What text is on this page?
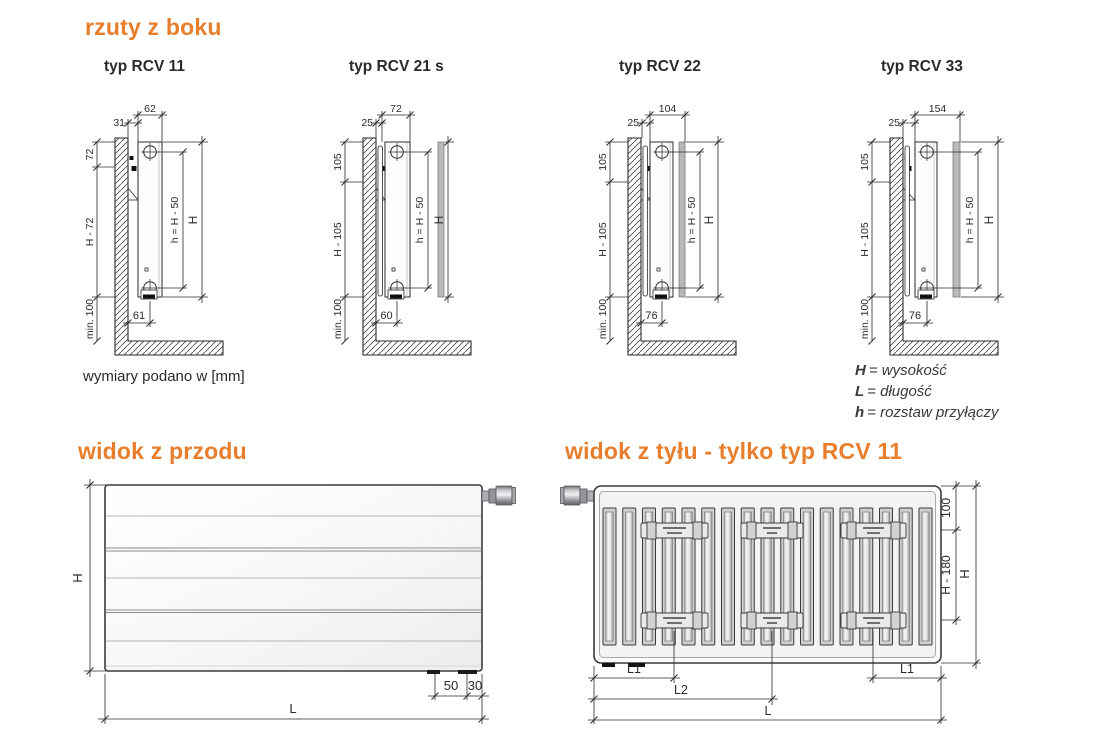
rzuty z boku
typ RCV 11	typ RCV 21 s	typ RCV 22	typ RCV 33
62
31
72
H - 72
min. 100
h = H - 50 H
61
72
25
105
H - 105
min. 100
h = H - 50 H
60
104
25
105
H - 105
min. 100
h = H - 50 H
76
154
25
105
H - 105
min. 100
h = H - 50 H
76
wymiary podano w [mm]	H = wysokość
L = długość
h = rozstaw przyłączy
widok z przodu	widok z tyłu - tylko typ RCV 11
H
50 30
L
100
H - 180 H
L1	L1
L2
L
